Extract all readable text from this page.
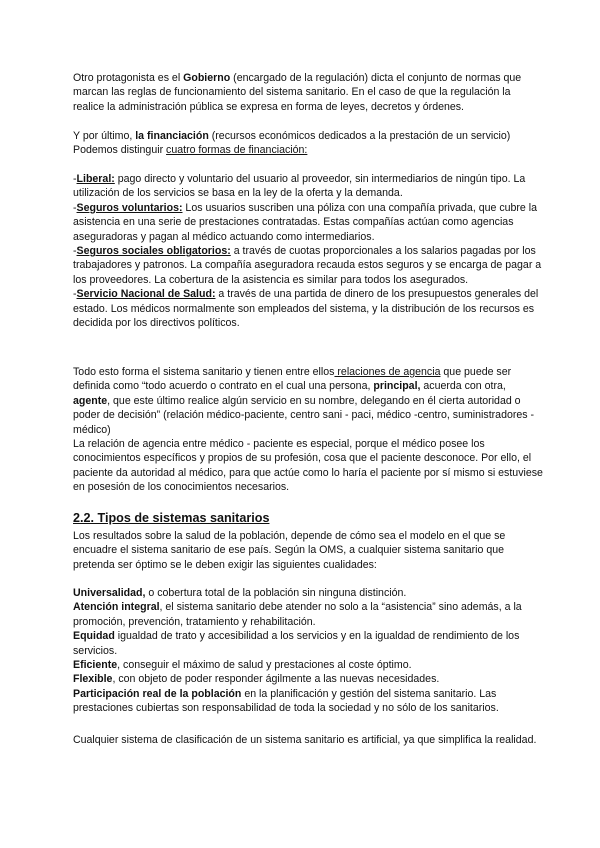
Otro protagonista es el Gobierno (encargado de la regulación) dicta el conjunto de normas que marcan las reglas de funcionamiento del sistema sanitario. En el caso de que la regulación la realice la administración pública se expresa en forma de leyes, decretos y órdenes.

Y por último, la financiación (recursos económicos dedicados a la prestación de un servicio) Podemos distinguir cuatro formas de financiación:

-Liberal: pago directo y voluntario del usuario al proveedor, sin intermediarios de ningún tipo. La utilización de los servicios se basa en la ley de la oferta y la demanda.

-Seguros voluntarios: Los usuarios suscriben una póliza con una compañía privada, que cubre la asistencia en una serie de prestaciones contratadas. Estas compañías actúan como agencias aseguradoras y pagan al médico actuando como intermediarios.

-Seguros sociales obligatorios: a través de cuotas proporcionales a los salarios pagadas por los trabajadores y patronos. La compañía aseguradora recauda estos seguros y se encarga de pagar a los proveedores. La cobertura de la asistencia es similar para todos los asegurados.

-Servicio Nacional de Salud: a través de una partida de dinero de los presupuestos generales del estado. Los médicos normalmente son empleados del sistema, y la distribución de los recursos es decidida por los directivos políticos.

Todo esto forma el sistema sanitario y tienen entre ellos relaciones de agencia que puede ser definida como “todo acuerdo o contrato en el cual una persona, principal, acuerda con otra, agente, que este último realice algún servicio en su nombre, delegando en él cierta autoridad o poder de decisión” (relación médico-paciente, centro sani - paci, médico -centro, suministradores - médico)

La relación de agencia entre médico - paciente es especial, porque el médico posee los conocimientos específicos y propios de su profesión, cosa que el paciente desconoce. Por ello, el paciente da autoridad al médico, para que actúe como lo haría el paciente por sí mismo si estuviese en posesión de los conocimientos necesarios.

2.2. Tipos de sistemas sanitarios

Los resultados sobre la salud de la población, depende de cómo sea el modelo en el que se encuadre el sistema sanitario de ese país. Según la OMS, a cualquier sistema sanitario que pretenda ser óptimo se le deben exigir las siguientes cualidades:

Universalidad, o cobertura total de la población sin ninguna distinción.

Atención integral, el sistema sanitario debe atender no solo a la “asistencia” sino además, a la promoción, prevención, tratamiento y rehabilitación.

Equidad igualdad de trato y accesibilidad a los servicios y en la igualdad de rendimiento de los servicios.

Eficiente, conseguir el máximo de salud y prestaciones al coste óptimo.

Flexible, con objeto de poder responder ágilmente a las nuevas necesidades.

Participación real de la población en la planificación y gestión del sistema sanitario. Las prestaciones cubiertas son responsabilidad de toda la sociedad y no sólo de los sanitarios.

Cualquier sistema de clasificación de un sistema sanitario es artificial, ya que simplifica la realidad.
